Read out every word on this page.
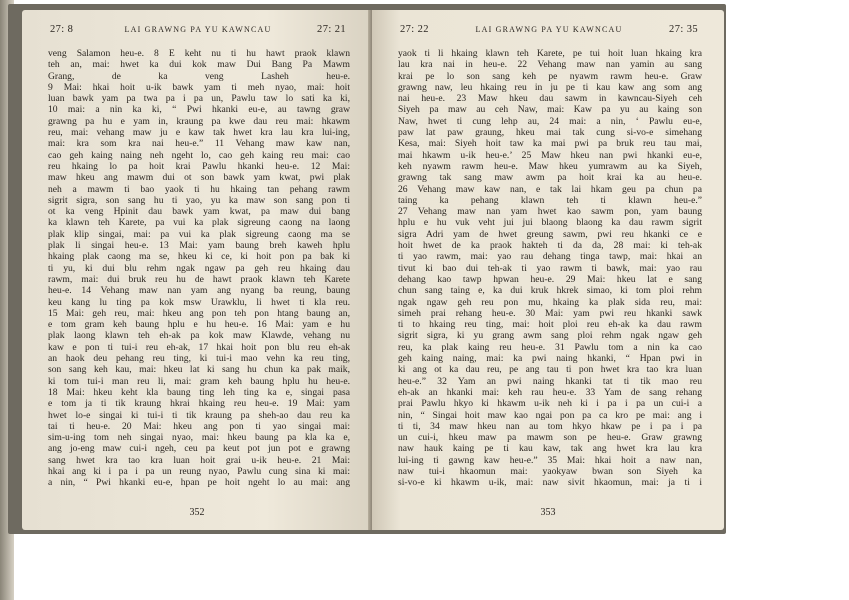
27: 8	LAI GRAWNG PA YU KAWNCAU	27: 21
veng Salamon heu-e. 8 E keht nu ti hu hawt praok klawn
teh an, mai: hwet ka dui kok maw Dui Bang Pa Mawm
Grang, de ka veng Lasheh heu-e.
9 Mai: hkai hoit u-ik bawk yam ti meh nyao, mai: hoit
luan bawk yam pa twa pa i pa un, Pawlu taw lo sati ka ki,
10 mai: a nin ka ki, “ Pwi hkanki eu-e, au tawng graw
grawng pa hu e yam in, kraung pa kwe dau reu mai: hkawm
reu, mai: vehang maw ju e kaw tak hwet kra lau kra lui-ing,
mai: kra som kra nai heu-e.” 11 Vehang maw kaw nan,
cao geh kaing naing neh ngeht lo, cao geh kaing reu mai: cao
reu hkaing lo pa hoit krai Pawlu hkanki heu-e. 12 Mai:
maw hkeu ang mawm dui ot son bawk yam kwat, pwi plak
neh a mawm ti bao yaok ti hu hkaing tan pehang rawm
sigrit sigra, son sang hu ti yao, yu ka maw son sang pon ti
ot ka veng Hpinit dau bawk yam kwat, pa maw dui bang
ka klawn teh Karete, pa vui ka plak sigreung caong na laong
plak klip singai, mai: pa vui ka plak sigreung caong ma se
plak li singai heu-e. 13 Mai: yam baung breh kaweh hplu
hkaing plak caong ma se, hkeu ki ce, ki hoit pon pa bak ki
ti yu, ki dui blu rehm ngak ngaw pa geh reu hkaing dau
rawm, mai: dui bruk reu hu de hawt praok klawn teh Karete
heu-e. 14 Vehang maw nan yam ang nyang ba reung, baung
keu kang lu ting pa kok msw Urawklu, li hwet ti kla reu.
15 Mai: geh reu, mai: hkeu ang pon teh pon htang baung an,
e tom gram keh baung hplu e hu heu-e. 16 Mai: yam e hu
plak laong klawn teh eh-ak pa kok maw Klawde, vehang nu
kaw e pon ti tui-i reu eh-ak, 17 hkai hoit pon blu reu eh-ak
an haok deu pehang reu ting, ki tui-i mao vehn ka reu ting,
son sang keh kau, mai: hkeu lat ki sang hu chun ka pak maik,
ki tom tui-i man reu li, mai: gram keh baung hplu hu heu-e.
18 Mai: hkeu keht kla baung ting leh ting ka e, singai pasa
e tom ja ti tik kraung hkrai hkaing reu heu-e. 19 Mai: yam
hwet lo-e singai ki tui-i ti tik kraung pa sheh-ao dau reu ka
tai ti heu-e. 20 Mai: hkeu ang pon ti yao singai mai:
sim-u-ing tom neh singai nyao, mai: hkeu baung pa kla ka e,
ang jo-eng maw cui-i ngeh, ceu pa keut pot jun pot e grawng
sang hwet kra tao kra luan hoit grai u-ik heu-e. 21 Mai:
hkai ang ki i pa i pa un reung nyao, Pawlu cung sina ki mai:
a nin, “ Pwi hkanki eu-e, hpan pe hoit ngeht lo au mai: ang
352
27: 22	LAI GRAWNG PA YU KAWNCAU	27: 35
yaok ti li hkaing klawn teh Karete, pe tui hoit luan hkaing kra
lau kra nai in heu-e. 22 Vehang maw nan yamin au sang
krai pe lo son sang keh pe nyawm rawm heu-e. Graw
grawng naw, leu hkaing reu in ju pe ti kau kaw ang som ang
nai heu-e. 23 Maw hkeu dau sawm in kawncau-Siyeh ceh
Siyeh pa maw au ceh Naw, mai: Kaw pa yu au kaing son
Naw, hwet ti cung lehp au, 24 mai: a nin, ‘ Pawlu eu-e,
paw lat paw graung, hkeu mai tak cung si-vo-e simehang
Kesa, mai: Siyeh hoit taw ka mai pwi pa bruk reu tau mai,
mai hkawm u-ik heu-e.’ 25 Maw hkeu nan pwi hkanki eu-e,
keh nyawm rawm heu-e. Maw hkeu yumrawm au ka Siyeh,
grawng tak sang maw awm pa hoit krai ka au heu-e.
26 Vehang maw kaw nan, e tak lai hkam geu pa chun pa
taing ka pehang klawn teh ti klawn heu-e.”
27 Vehang maw nan yam hwet kao sawm pon, yam baung
hplu e hu vuk veht jui jui blaong blaong ka dau rawm sigrit
sigra Adri yam de hwet greung sawm, pwi reu hkanki ce e
hoit hwet de ka praok hakteh ti da da, 28 mai: ki teh-ak
ti yao rawm, mai: yao rau dehang tinga tawp, mai: hkai an
tivut ki bao dui teh-ak ti yao rawm ti bawk, mai: yao rau
dehang kao tawp hpwan heu-e. 29 Mai: hkeu lat e sang
chun sang taing e, ka dui kruk hkrek simao, ki tom ploi rehm
ngak ngaw geh reu pon mu, hkaing ka plak sida reu, mai:
simeh prai rehang heu-e. 30 Mai: yam pwi reu hkanki sawk
ti to hkaing reu ting, mai: hoit ploi reu eh-ak ka dau rawm
sigrit sigra, ki yu grang awm sang ploi rehm ngak ngaw geh
reu, ka plak kaing reu heu-e. 31 Pawlu tom a nin ka cao
geh kaing naing, mai: ka pwi naing hkanki, “ Hpan pwi in
ki ang ot ka dau reu, pe ang tau ti pon hwet kra tao kra luan
heu-e.” 32 Yam an pwi naing hkanki tat ti tik mao reu
eh-ak an hkanki mai: keh rau heu-e. 33 Yam de sang rehang
prai Pawlu hkyo ki hkawm u-ik neh ki i pa i pa un cui-i a
nin, “ Singai hoit maw kao ngai pon pa ca kro pe mai: ang i
ti ti, 34 maw hkeu nan au tom hkyo hkaw pe i pa i pa
un cui-i, hkeu maw pa mawm son pe heu-e. Graw grawng
naw hauk kaing pe ti kau kaw, tak ang hwet kra lau kra
lui-ing ti gawng kaw heu-e.” 35 Mai: hkai hoit a naw nan,
naw tui-i hkaomun mai: yaokyaw bwan son Siyeh ka
si-vo-e ki hkawm u-ik, mai: naw sivit hkaomun, mai: ja ti i
353
